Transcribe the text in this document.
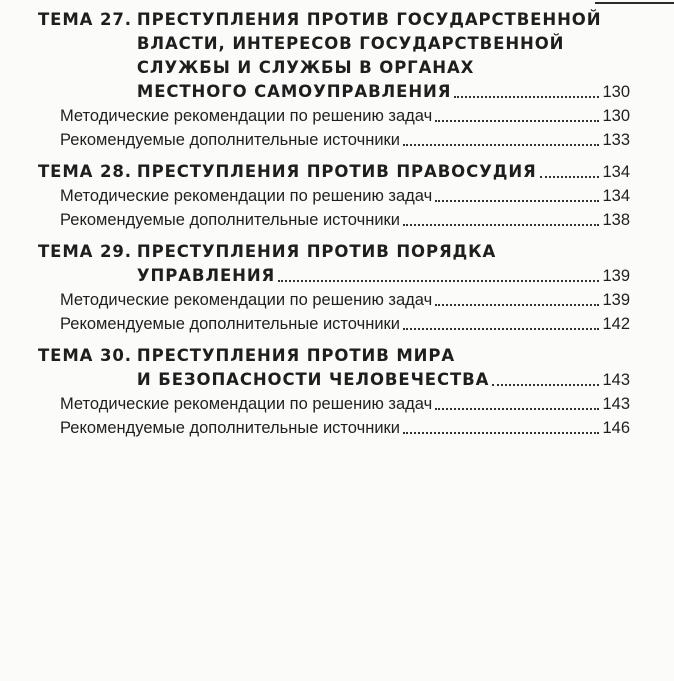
ТЕМА 27. ПРЕСТУПЛЕНИЯ ПРОТИВ ГОСУДАРСТВЕННОЙ
ВЛАСТИ, ИНТЕРЕСОВ ГОСУДАРСТВЕННОЙ
СЛУЖБЫ И СЛУЖБЫ В ОРГАНАХ
МЕСТНОГО САМОУПРАВЛЕНИЯ	130
Методические рекомендации по решению задач	130
Рекомендуемые дополнительные источники	133
ТЕМА 28. ПРЕСТУПЛЕНИЯ ПРОТИВ ПРАВОСУДИЯ	134
Методические рекомендации по решению задач	134
Рекомендуемые дополнительные источники	138
ТЕМА 29. ПРЕСТУПЛЕНИЯ ПРОТИВ ПОРЯДКА
УПРАВЛЕНИЯ	139
Методические рекомендации по решению задач	139
Рекомендуемые дополнительные источники	142
ТЕМА 30. ПРЕСТУПЛЕНИЯ ПРОТИВ МИРА
И БЕЗОПАСНОСТИ ЧЕЛОВЕЧЕСТВА	143
Методические рекомендации по решению задач	143
Рекомендуемые дополнительные источники	146
